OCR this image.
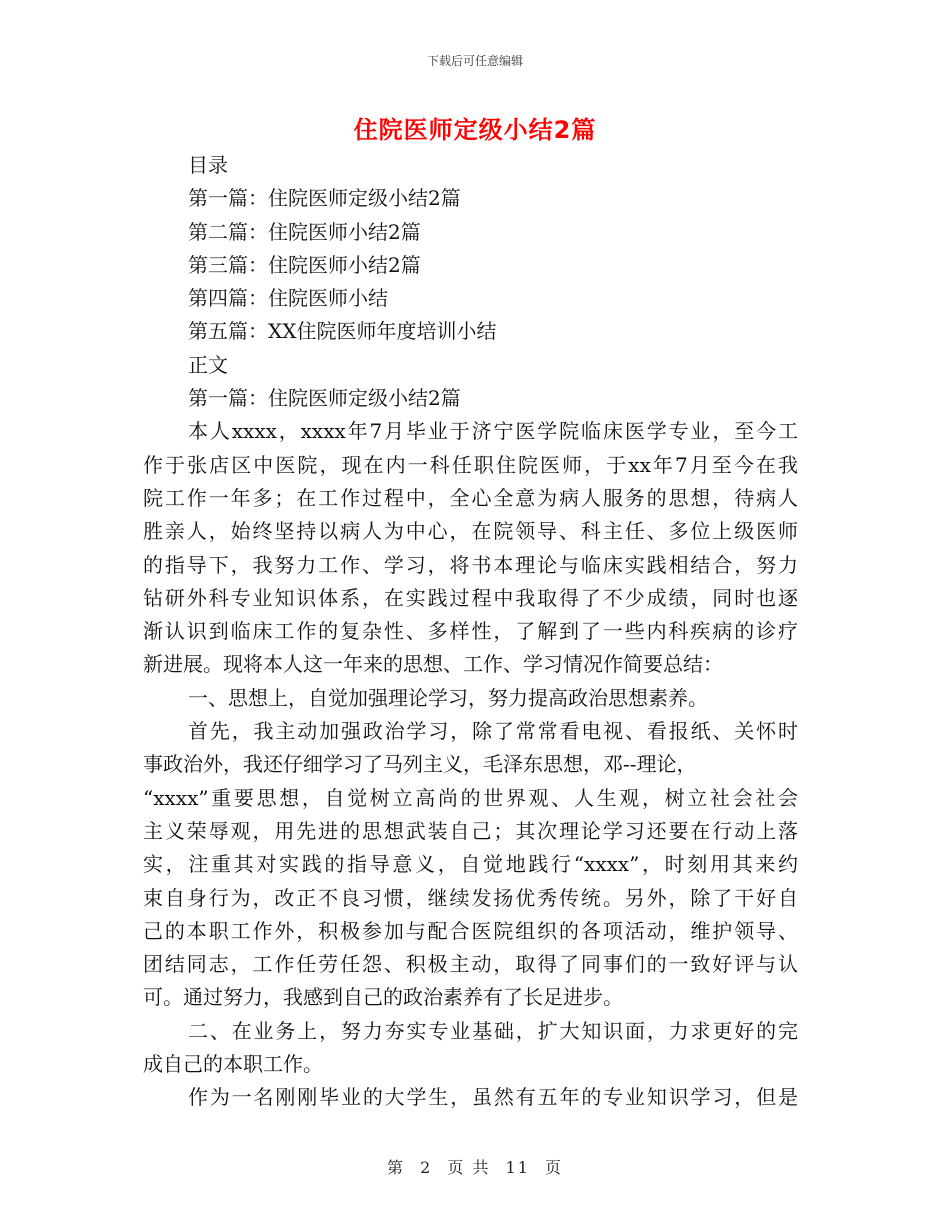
下载后可任意编辑
住院医师定级小结2篇
目录
第一篇：住院医师定级小结2篇
第二篇：住院医师小结2篇
第三篇：住院医师小结2篇
第四篇：住院医师小结
第五篇：XX住院医师年度培训小结
正文
第一篇：住院医师定级小结2篇
本人xxxx，xxxx年7月毕业于济宁医学院临床医学专业，至今工
作于张店区中医院，现在内一科任职住院医师，于xx年7月至今在我
院工作一年多；在工作过程中，全心全意为病人服务的思想，待病人
胜亲人，始终坚持以病人为中心，在院领导、科主任、多位上级医师
的指导下，我努力工作、学习，将书本理论与临床实践相结合，努力
钻研外科专业知识体系，在实践过程中我取得了不少成绩，同时也逐
渐认识到临床工作的复杂性、多样性，了解到了一些内科疾病的诊疗
新进展。现将本人这一年来的思想、工作、学习情况作简要总结：
一、思想上，自觉加强理论学习，努力提高政治思想素养。
首先，我主动加强政治学习，除了常常看电视、看报纸、关怀时
事政治外，我还仔细学习了马列主义，毛泽东思想，邓--理论，
“xxxx”重要思想，自觉树立高尚的世界观、人生观，树立社会社会
主义荣辱观，用先进的思想武装自己；其次理论学习还要在行动上落
实，注重其对实践的指导意义，自觉地践行“xxxx”，时刻用其来约
束自身行为，改正不良习惯，继续发扬优秀传统。另外，除了干好自
己的本职工作外，积极参加与配合医院组织的各项活动，维护领导、
团结同志，工作任劳任怨、积极主动，取得了同事们的一致好评与认
可。通过努力，我感到自己的政治素养有了长足进步。
二、在业务上，努力夯实专业基础，扩大知识面，力求更好的完
成自己的本职工作。
作为一名刚刚毕业的大学生，虽然有五年的专业知识学习，但是
第 2 页 共 11 页
